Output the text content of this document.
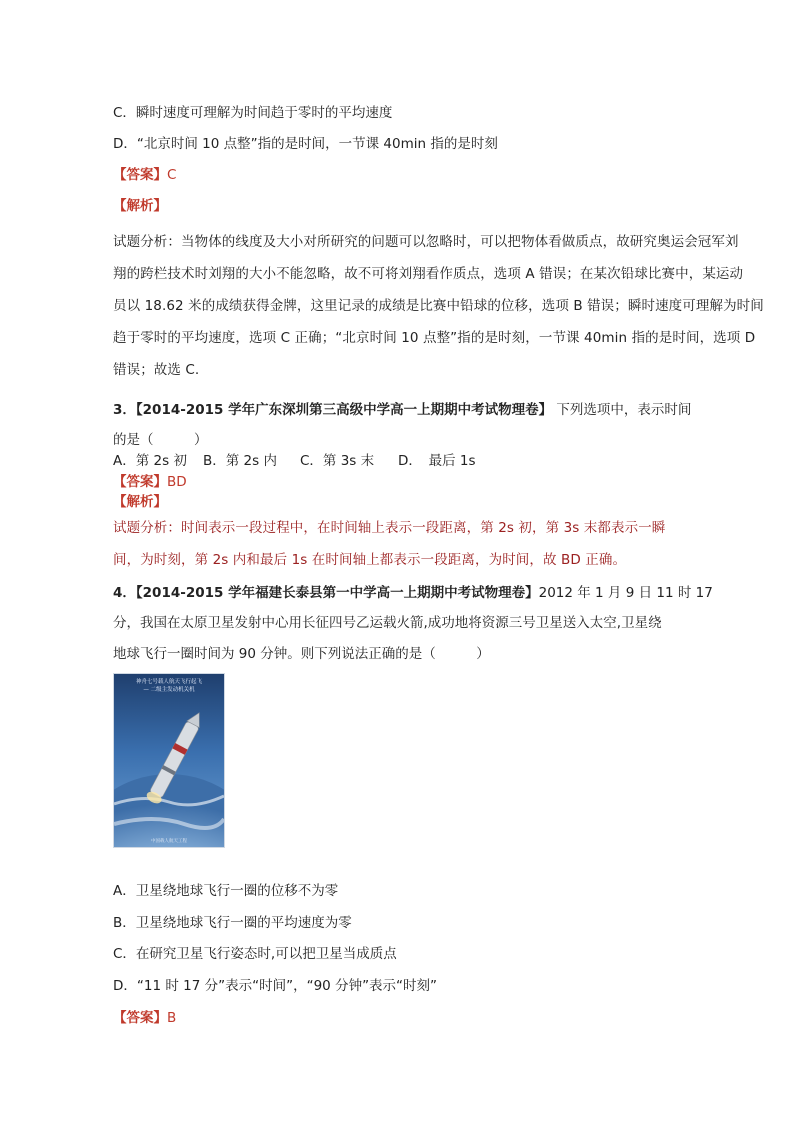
C．瞬时速度可理解为时间趋于零时的平均速度
D．“北京时间 10 点整”指的是时间，一节课 40min 指的是时刻
【答案】C
【解析】
试题分析：当物体的线度及大小对所研究的问题可以忽略时，可以把物体看做质点，故研究奥运会冠军刘
翔的跨栏技术时刘翔的大小不能忽略，故不可将刘翔看作质点，选项 A 错误；在某次铅球比赛中，某运动
员以 18.62 米的成绩获得金牌，这里记录的成绩是比赛中铅球的位移，选项 B 错误；瞬时速度可理解为时间
趋于零时的平均速度，选项 C 正确；“北京时间 10 点整”指的是时刻，一节课 40min 指的是时间，选项 D
错误；故选 C.
3．【2014-2015 学年广东深圳第三高级中学高一上期期中考试物理卷】 下列选项中，表示时间
的是（　　　）
A．第 2s 初 B．第 2s 内 C．第 3s 末 D．　最后 1s
【答案】BD
【解析】
试题分析：时间表示一段过程中，在时间轴上表示一段距离，第 2s 初，第 3s 末都表示一瞬
间，为时刻，第 2s 内和最后 1s 在时间轴上都表示一段距离，为时间，故 BD 正确。
4．【2014-2015 学年福建长泰县第一中学高一上期期中考试物理卷】2012 年 1 月 9 日 11 时 17
分，我国在太原卫星发射中心用长征四号乙运载火箭,成功地将资源三号卫星送入太空,卫星绕
地球飞行一圈时间为 90 分钟。则下列说法正确的是（　　　）
神舟七号载人航天飞行起飞
— 二级主发动机关机
中国载人航天工程
A．卫星绕地球飞行一圈的位移不为零
B．卫星绕地球飞行一圈的平均速度为零
C．在研究卫星飞行姿态时,可以把卫星当成质点
D．“11 时 17 分”表示“时间”，“90 分钟”表示“时刻”
【答案】B
